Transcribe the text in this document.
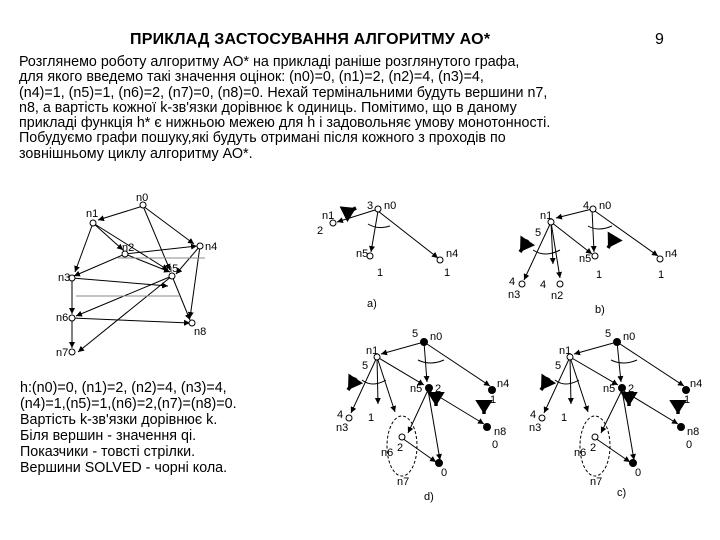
ПРИКЛАД ЗАСТОСУВАННЯ АЛГОРИТМУ АО*	9
Розглянемо роботу алгоритму АО* на прикладі раніше розглянутого графа,
для якого введемо такі значення оцінок: (n0)=0, (n1)=2, (n2)=4, (n3)=4,
(n4)=1, (n5)=1, (n6)=2, (n7)=0, (n8)=0. Нехай термінальними будуть вершини n7,
n8, а вартість кожної k-зв'язки дорівнює k одиниць. Помітимо, що в даному
прикладі функція h* є нижньою межею для h і задовольняє умову монотонності.
Побудуємо графи пошуку,які будуть отримані після кожного з проходів по
зовнішньому циклу алгоритму АО*.
n0
n1
n2
n3
n4
n5
n6
n7
n8
n0
3
n1
2
n5
1
n4
1
a)
n0
4
n1
5
n5
1
n4
1
n3
4
n2
4
b)
n0
5
n1
5
n5 2	n4
1
n3
4
n8
0
2
n6
0
n7
1
d)
n0
5
n1
5
n5 2	n4
1
n3
4
n8
0
2
n6
0
n7
1
c)
h:(n0)=0, (n1)=2, (n2)=4, (n3)=4,
(n4)=1,(n5)=1,(n6)=2,(n7)=(n8)=0.
Вартість k-зв'язки дорівнює k.
Біля вершин - значення qi.
Показчики - товсті стрілки.
Вершини SOLVED - чорні кола.
